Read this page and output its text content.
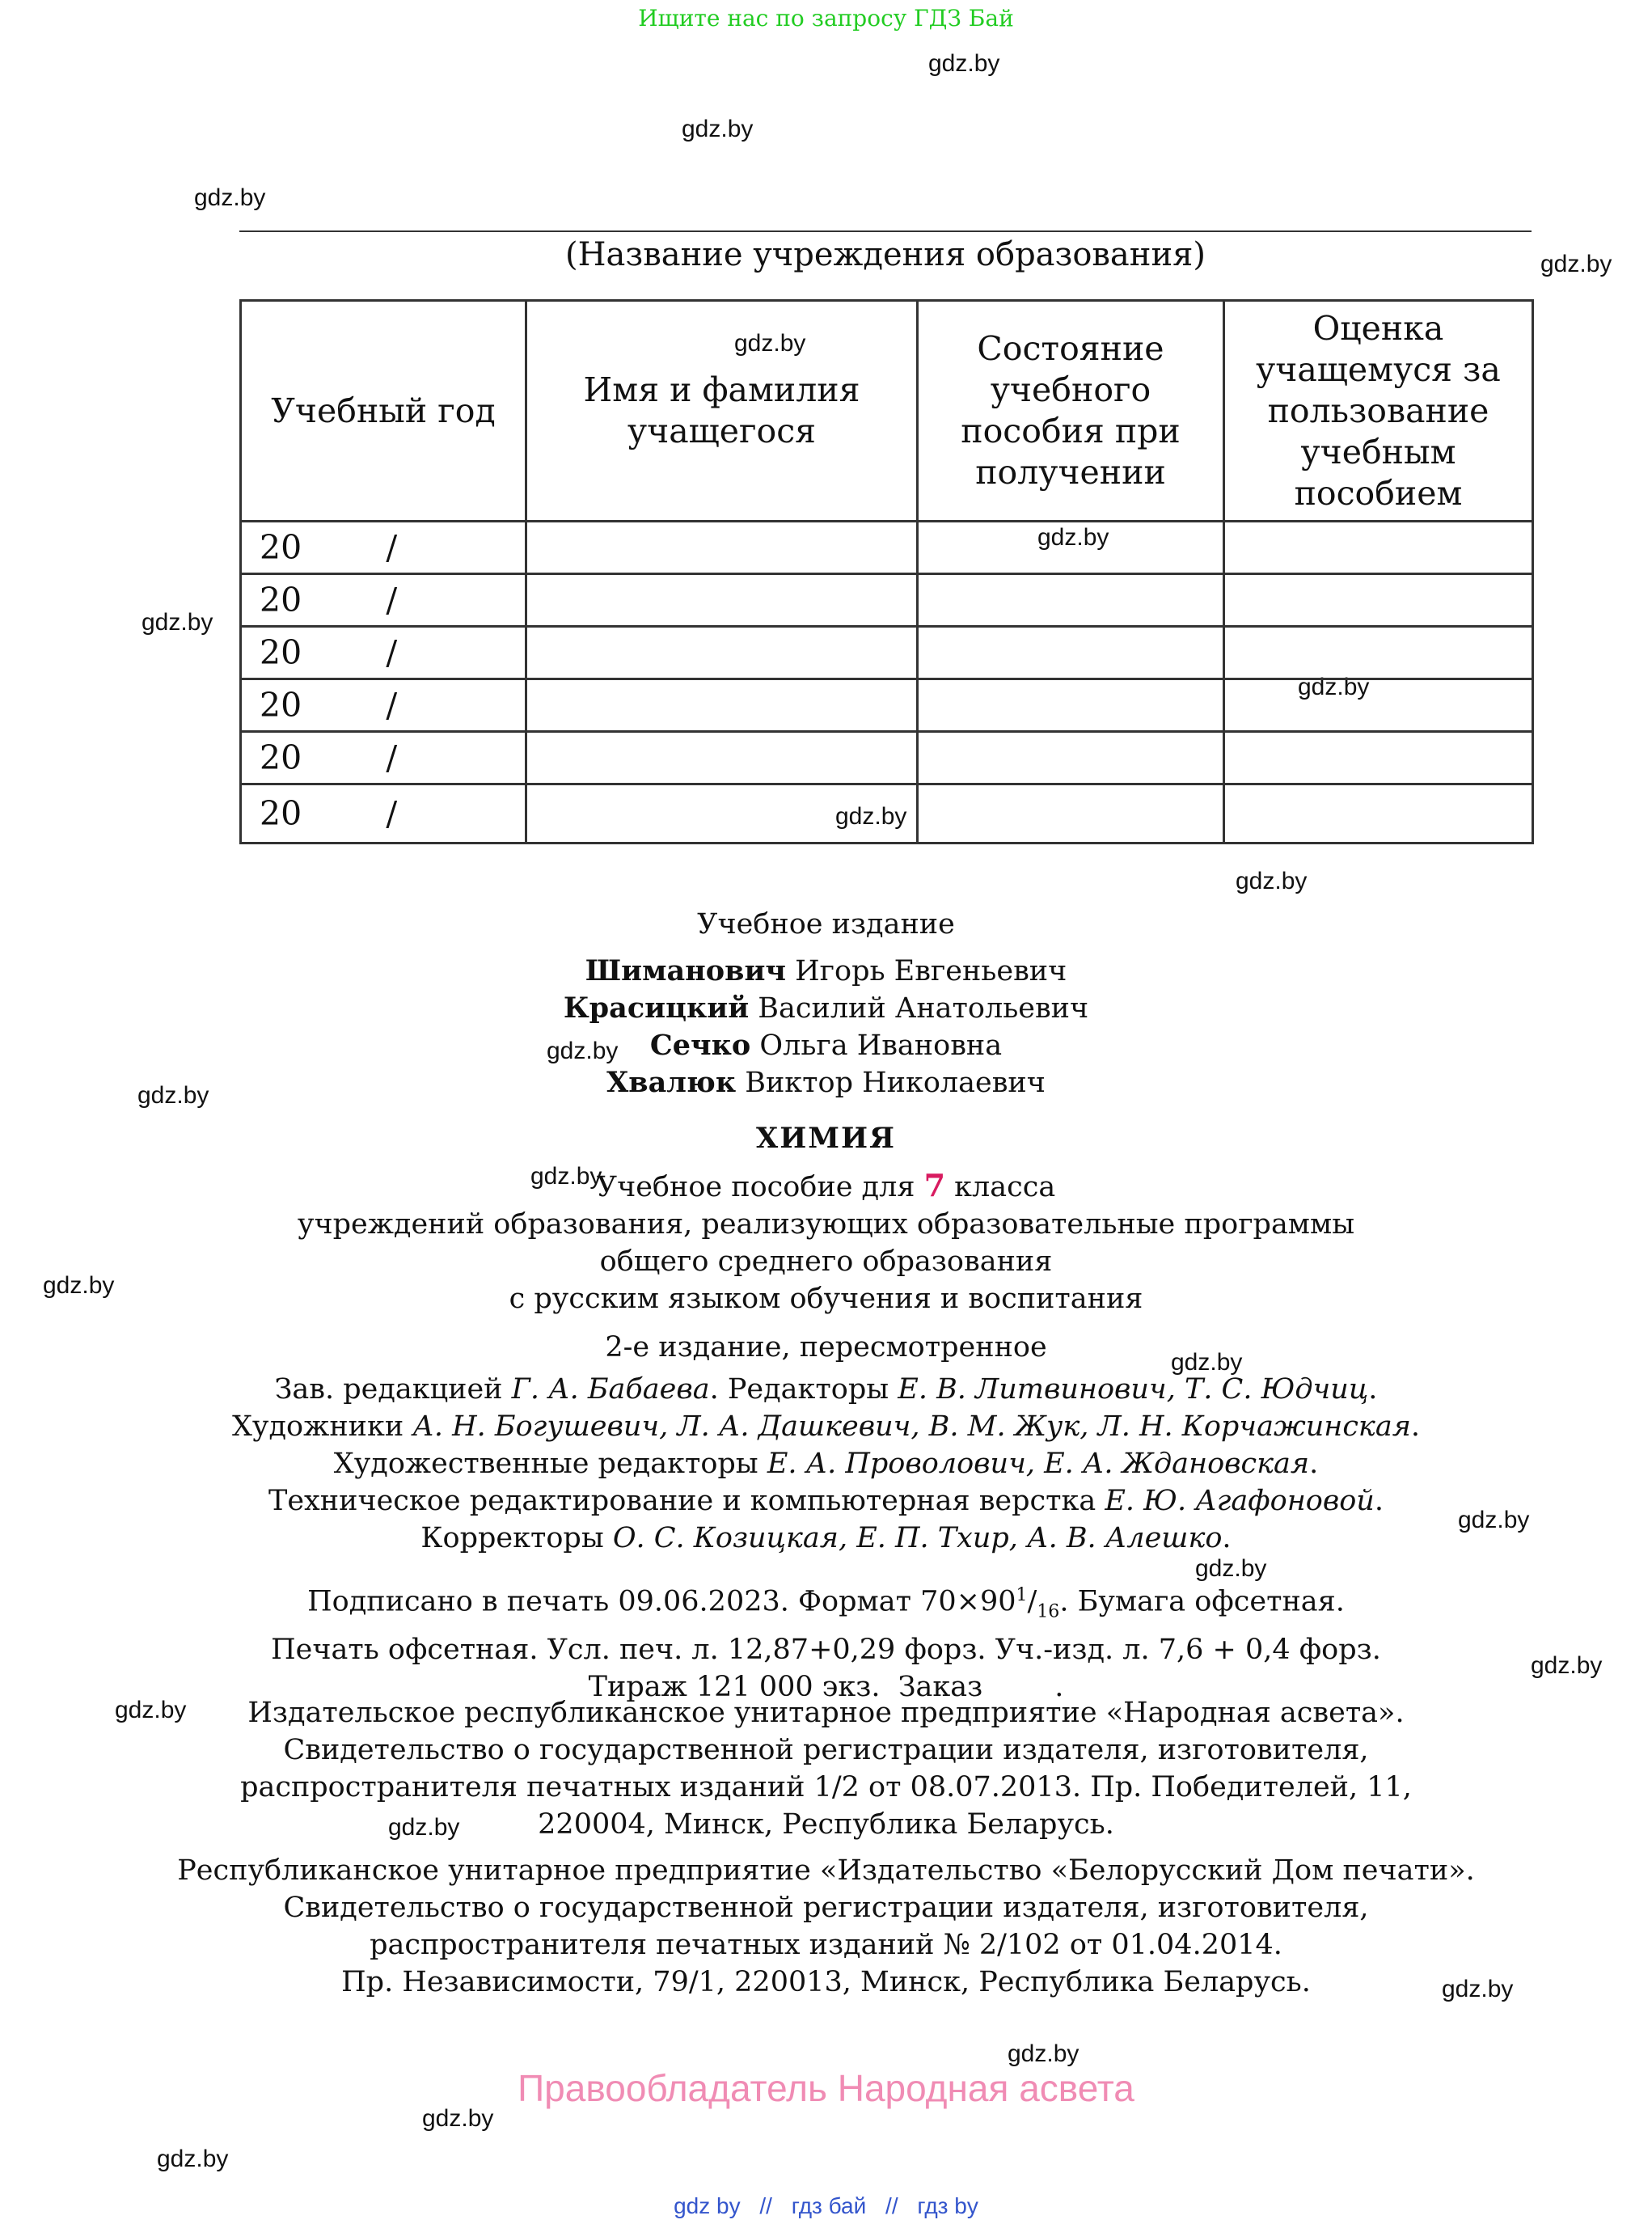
Ищите нас по запросу ГДЗ Бай
gdz.by
gdz.by
gdz.by
gdz.by
gdz.by
gdz.by
gdz.by
gdz.by
gdz.by
gdz.by
gdz.by
gdz.by
gdz.by
gdz.by
gdz.by
gdz.by
gdz.by
gdz.by
gdz.by
gdz.by
gdz.by
gdz.by
gdz.by
gdz.by
(Название учреждения образования)
Учебный год	Имя и фамилия учащегося	Состояние учебного пособия при получении	Оценка учащемуся за пользование учебным пособием
20        /			
20        /			
20        /			
20        /			
20        /			
20        /			
Учебное издание
Шиманович Игорь Евгеньевич
Красицкий Василий Анатольевич
Сечко Ольга Ивановна
Хвалюк Виктор Николаевич
ХИМИЯ
Учебное пособие для 7 класса
учреждений образования, реализующих образовательные программы
общего среднего образования
с русским языком обучения и воспитания
2-е издание, пересмотренное
Зав. редакцией Г. А. Бабаева. Редакторы Е. В. Литвинович, Т. С. Юдчиц.
Художники А. Н. Богушевич, Л. А. Дашкевич, В. М. Жук, Л. Н. Корчажинская.
Художественные редакторы Е. А. Проволович, Е. А. Ждановская.
Техническое редактирование и компьютерная верстка Е. Ю. Агафоновой.
Корректоры О. С. Козицкая, Е. П. Тхир, А. В. Алешко.
Подписано в печать 09.06.2023. Формат $70\times 90^1/_{16}$. Бумага офсетная.
Печать офсетная. Усл. печ. л. 12,87+0,29 форз. Уч.-изд. л. 7,6 + 0,4 форз.
Тираж 121 000 экз.  Заказ        .
Издательское республиканское унитарное предприятие «Народная асвета».
Свидетельство о государственной регистрации издателя, изготовителя,
распространителя печатных изданий 1/2 от 08.07.2013. Пр. Победителей, 11,
220004, Минск, Республика Беларусь.
Республиканское унитарное предприятие «Издательство «Белорусский Дом печати».
Свидетельство о государственной регистрации издателя, изготовителя,
распространителя печатных изданий № 2/102 от 01.04.2014.
Пр. Независимости, 79/1, 220013, Минск, Республика Беларусь.
Правообладатель Народная асвета
gdz by // гдз бай // гдз by
